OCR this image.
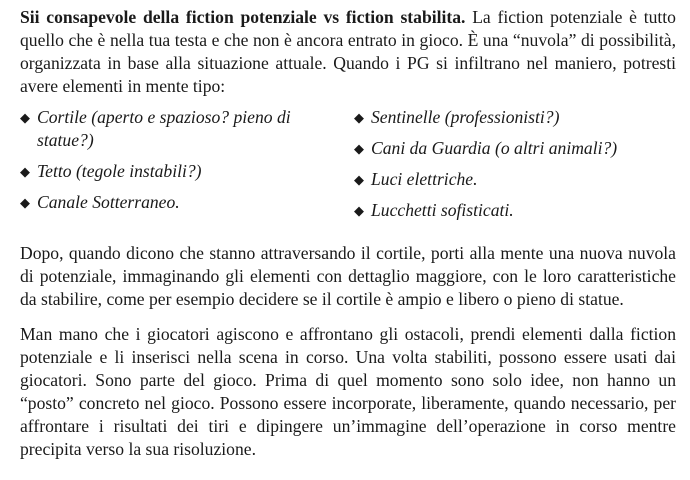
Sii consapevole della fiction potenziale vs fiction stabilita. La fiction potenziale è tutto quello che è nella tua testa e che non è ancora entrato in gioco. È una “nuvola” di possibilità, organizzata in base alla situazione attuale. Quando i PG si infiltrano nel maniero, potresti avere elementi in mente tipo:

◆ Cortile (aperto e spazioso? pieno di statue?)
◆ Tetto (tegole instabili?)
◆ Canale Sotterraneo.
◆ Sentinelle (professionisti?)
◆ Cani da Guardia (o altri animali?)
◆ Luci elettriche.
◆ Lucchetti sofisticati.

Dopo, quando dicono che stanno attraversando il cortile, porti alla mente una nuova nuvola di potenziale, immaginando gli elementi con dettaglio maggiore, con le loro caratteristiche da stabilire, come per esempio decidere se il cortile è ampio e libero o pieno di statue.

Man mano che i giocatori agiscono e affrontano gli ostacoli, prendi elementi dalla fiction potenziale e li inserisci nella scena in corso. Una volta stabiliti, possono essere usati dai giocatori. Sono parte del gioco. Prima di quel momento sono solo idee, non hanno un “posto” concreto nel gioco. Possono essere incorporate, liberamente, quando necessario, per affrontare i risultati dei tiri e dipingere un’immagine dell’operazione in corso mentre precipita verso la sua risoluzione.
